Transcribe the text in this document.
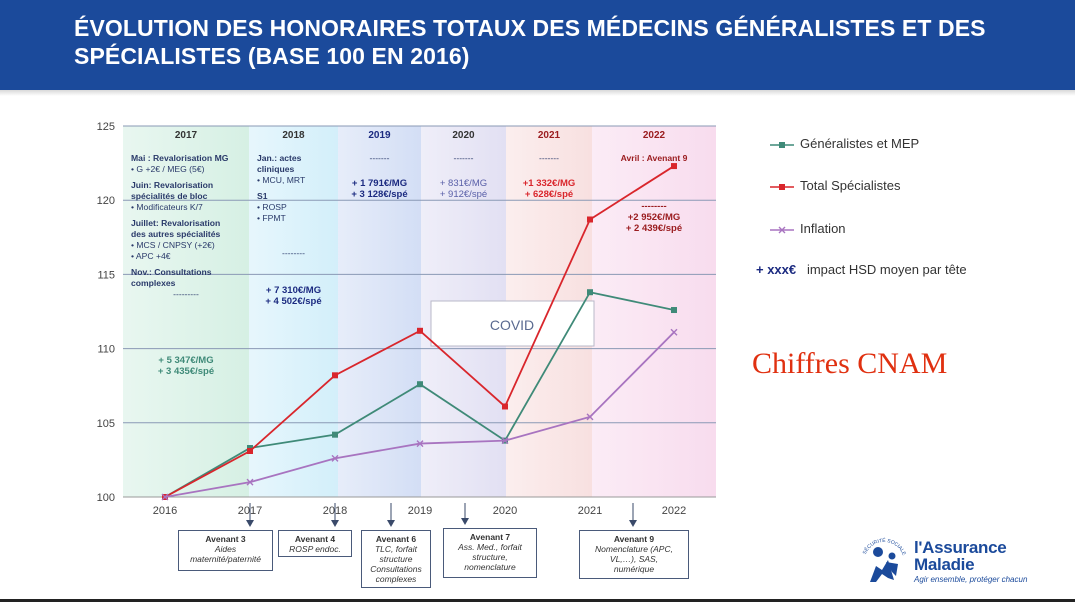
ÉVOLUTION DES HONORAIRES TOTAUX DES MÉDECINS GÉNÉRALISTES ET DES SPÉCIALISTES (BASE 100 EN 2016)
100
105
110
115
120
125
2016	2017	2018	2019	2020	2021	2022
2017
Mai : Revalorisation MG
• G +2€ / MEG (5€)
Juin: Revalorisation
spécialités de bloc
• Modificateurs K/7
Juillet: Revalorisation
des autres spécialités
• MCS / CNPSY (+2€)
• APC +4€
Nov.: Consultations
complexes
---------
+ 5 347€/MG
+ 3 435€/spé
2018
Jan.: actes
cliniques
• MCU, MRT
S1
• ROSP
• FPMT
--------
+ 7 310€/MG
+ 4 502€/spé
2019
-------
+ 1 791€/MG
+ 3 128€/spé
2020
-------
+ 831€/MG
+ 912€/spé
2021
-------
+1 332€/MG
+ 628€/spé
2022
Avril : Avenant 9
--------
+2 952€/MG
+ 2 439€/spé
COVID
Généralistes et MEP
Total Spécialistes
Inflation
+ xxx€ impact HSD moyen par tête
Chiffres CNAM
Avenant 3
Aides
maternité/paternité
Avenant 4
ROSP endoc.
Avenant 6
TLC, forfait
structure
Consultations
complexes
Avenant 7
Ass. Med., forfait
structure,
nomenclature
Avenant 9
Nomenclature (APC,
VL,…), SAS,
numérique
SÉCURITÉ SOCIALE l'Assurance
Maladie
Agir ensemble, protéger chacun
